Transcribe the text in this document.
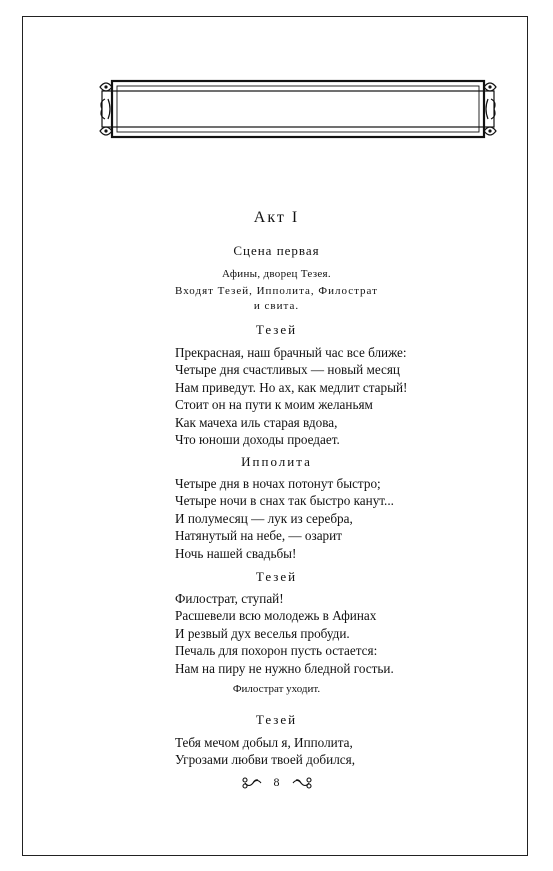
Акт I
Сцена первая
Афины, дворец Тезея.
Входят Тезей, Ипполита, Филострат
и свита.
Тезей
Прекрасная, наш брачный час все ближе:
Четыре дня счастливых — новый месяц
Нам приведут. Но ах, как медлит старый!
Стоит он на пути к моим желаньям
Как мачеха иль старая вдова,
Что юноши доходы проедает.
Ипполита
Четыре дня в ночах потонут быстро;
Четыре ночи в снах так быстро канут...
И полумесяц — лук из серебра,
Натянутый на небе, — озарит
Ночь нашей свадьбы!
Тезей
Филострат, ступай!
Расшевели всю молодежь в Афинах
И резвый дух веселья пробуди.
Печаль для похорон пусть остается:
Нам на пиру не нужно бледной гостьи.
Филострат уходит.
Тезей
Тебя мечом добыл я, Ипполита,
Угрозами любви твоей добился,
8
